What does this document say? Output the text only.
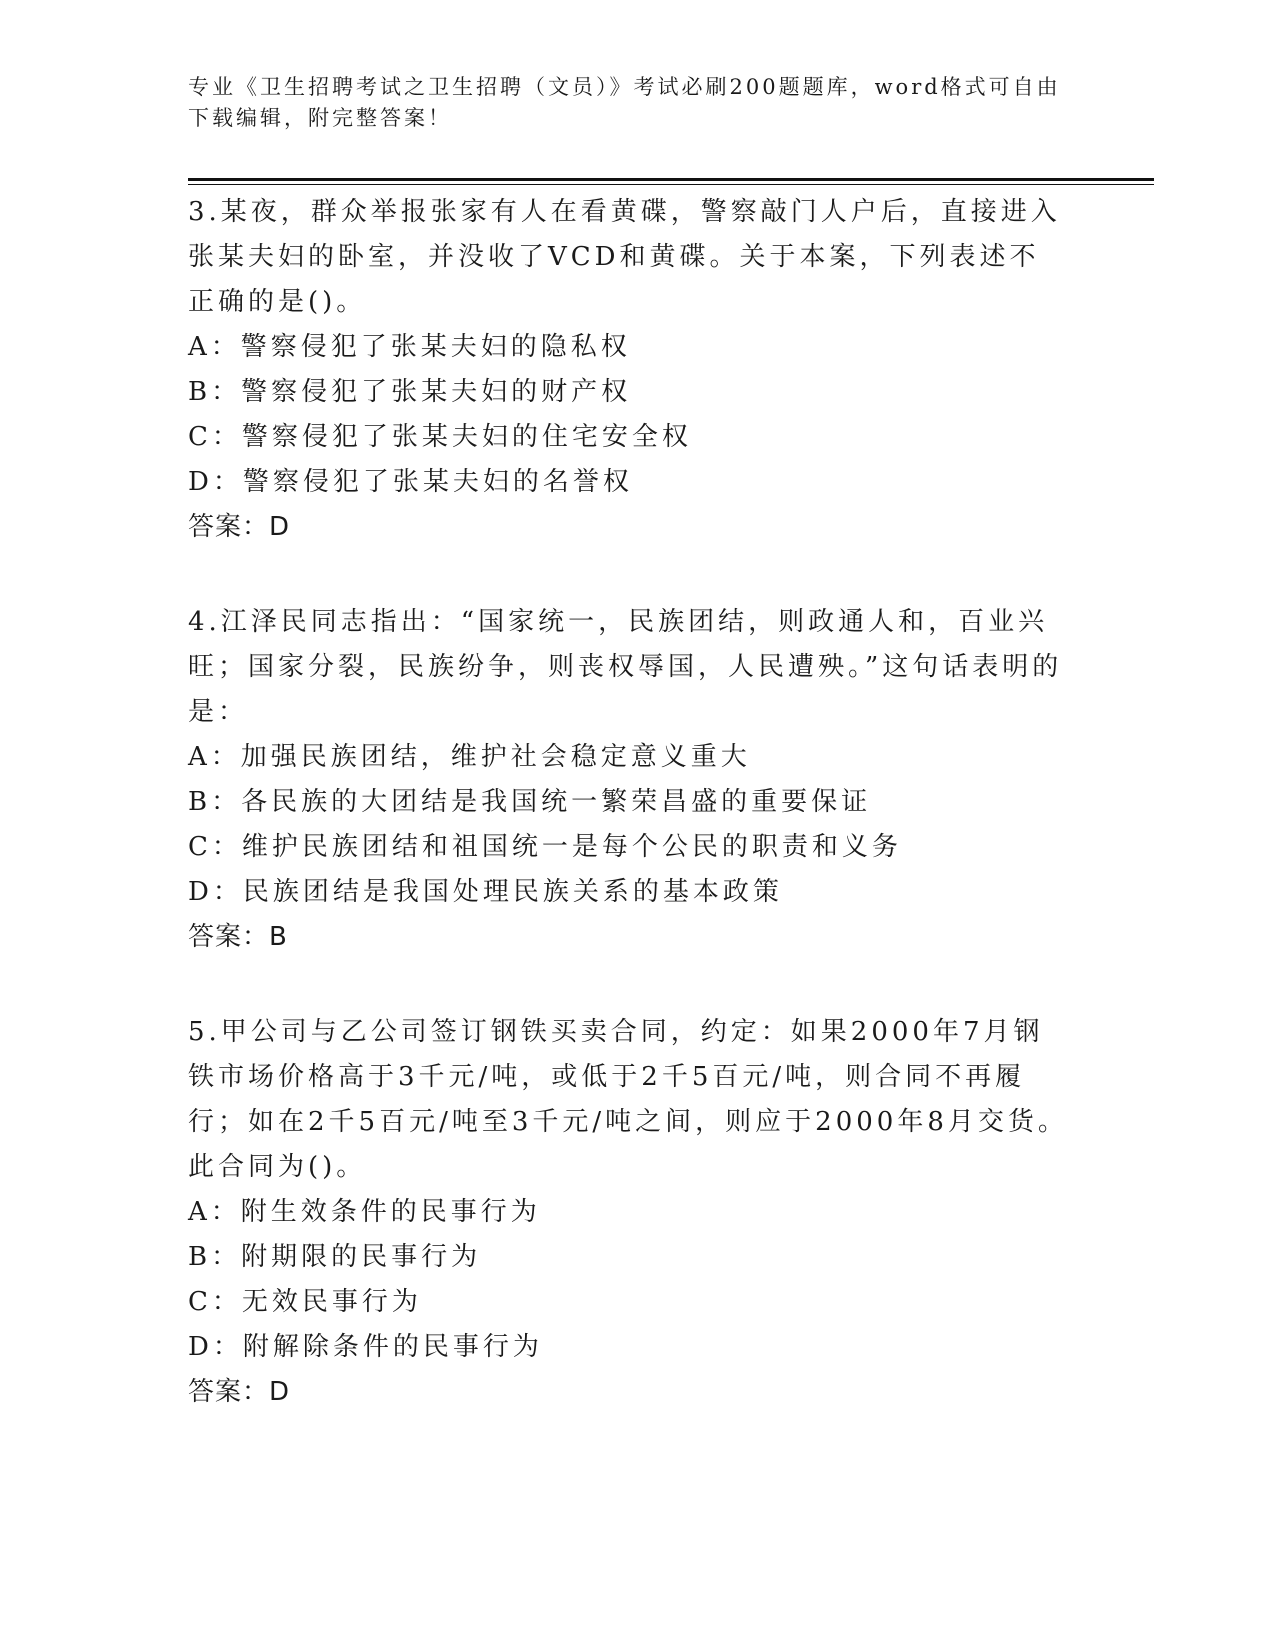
专业《卫生招聘考试之卫生招聘（文员）》考试必刷200题题库，word格式可自由下载编辑，附完整答案！
3.某夜，群众举报张家有人在看黄碟，警察敲门人户后，直接进入张某夫妇的卧室，并没收了VCD和黄碟。关于本案，下列表述不正确的是()。
A：警察侵犯了张某夫妇的隐私权
B：警察侵犯了张某夫妇的财产权
C：警察侵犯了张某夫妇的住宅安全权
D：警察侵犯了张某夫妇的名誉权
答案：D
4.江泽民同志指出：“国家统一，民族团结，则政通人和，百业兴旺；国家分裂，民族纷争，则丧权辱国，人民遭殃。”这句话表明的是：
A：加强民族团结，维护社会稳定意义重大
B：各民族的大团结是我国统一繁荣昌盛的重要保证
C：维护民族团结和祖国统一是每个公民的职责和义务
D：民族团结是我国处理民族关系的基本政策
答案：B
5.甲公司与乙公司签订钢铁买卖合同，约定：如果2000年7月钢铁市场价格高于3千元/吨，或低于2千5百元/吨，则合同不再履行；如在2千5百元/吨至3千元/吨之间，则应于2000年8月交货。此合同为()。
A：附生效条件的民事行为
B：附期限的民事行为
C：无效民事行为
D：附解除条件的民事行为
答案：D
